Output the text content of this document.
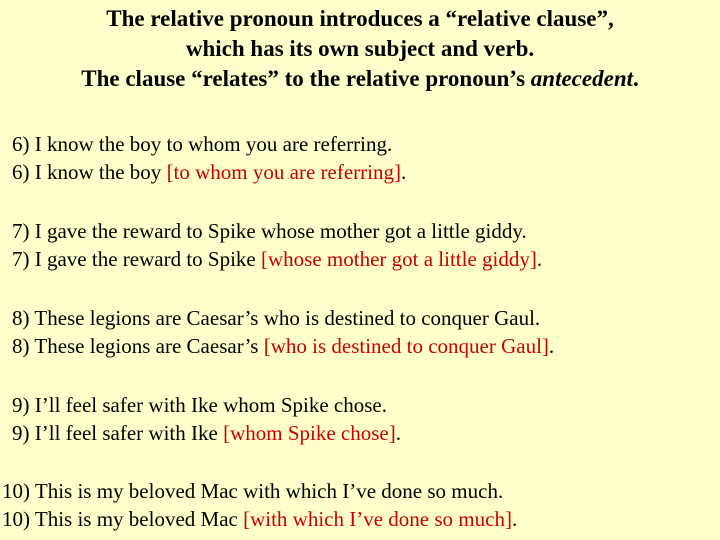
The relative pronoun introduces a “relative clause”,
which has its own subject and verb.
The clause “relates” to the relative pronoun’s antecedent.
6) I know the boy to whom you are referring.
6) I know the boy [to whom you are referring].
7) I gave the reward to Spike whose mother got a little giddy.
7) I gave the reward to Spike [whose mother got a little giddy].
8) These legions are Caesar’s who is destined to conquer Gaul.
8) These legions are Caesar’s [who is destined to conquer Gaul].
9) I’ll feel safer with Ike whom Spike chose.
9) I’ll feel safer with Ike [whom Spike chose].
10) This is my beloved Mac with which I’ve done so much.
10) This is my beloved Mac [with which I’ve done so much].
